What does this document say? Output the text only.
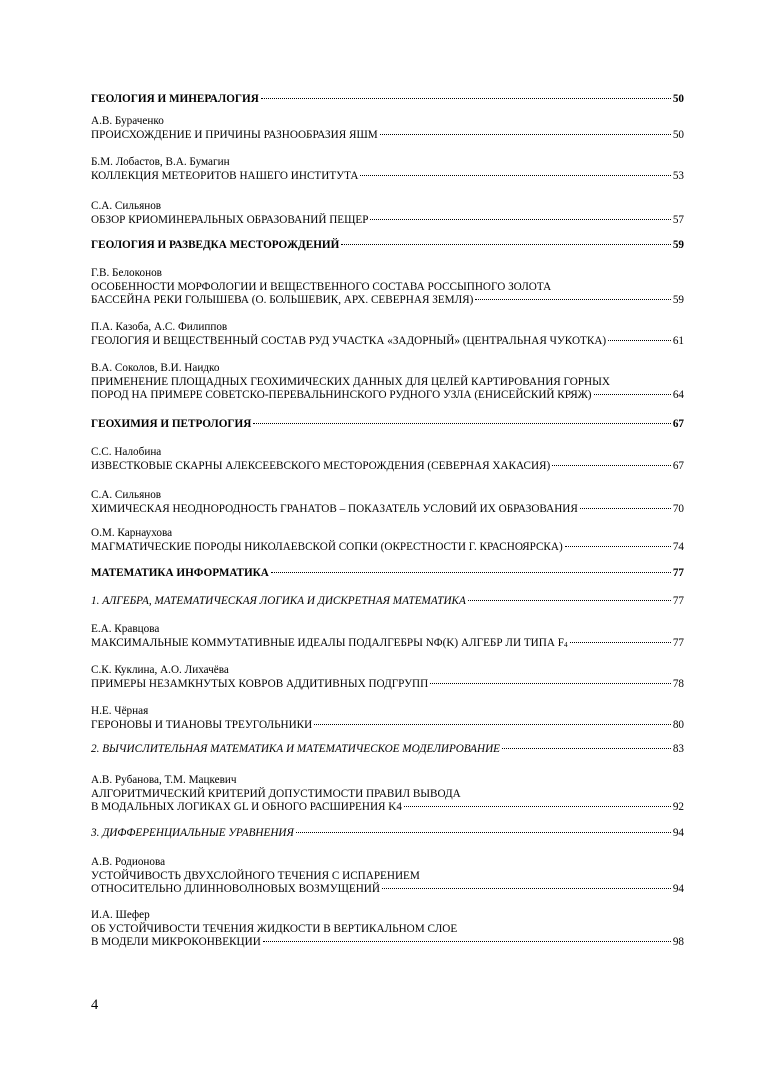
ГЕОЛОГИЯ И МИНЕРАЛОГИЯ	50
А.В. Бураченко
ПРОИСХОЖДЕНИЕ И ПРИЧИНЫ РАЗНООБРАЗИЯ ЯШМ	50
Б.М. Лобастов, В.А. Бумагин
КОЛЛЕКЦИЯ МЕТЕОРИТОВ НАШЕГО ИНСТИТУТА	53
С.А. Сильянов
ОБЗОР КРИОМИНЕРАЛЬНЫХ ОБРАЗОВАНИЙ ПЕЩЕР	57
ГЕОЛОГИЯ И РАЗВЕДКА МЕСТОРОЖДЕНИЙ	59
Г.В. Белоконов
ОСОБЕННОСТИ МОРФОЛОГИИ И ВЕЩЕСТВЕННОГО СОСТАВА РОССЫПНОГО ЗОЛОТА
БАССЕЙНА РЕКИ ГОЛЫШЕВА (О. БОЛЬШЕВИК, АРХ. СЕВЕРНАЯ ЗЕМЛЯ)	59
П.А. Казоба, А.С. Филиппов
ГЕОЛОГИЯ И ВЕЩЕСТВЕННЫЙ СОСТАВ РУД УЧАСТКА «ЗАДОРНЫЙ» (ЦЕНТРАЛЬНАЯ ЧУКОТКА)	61
В.А. Соколов, В.И. Наидко
ПРИМЕНЕНИЕ ПЛОЩАДНЫХ ГЕОХИМИЧЕСКИХ ДАННЫХ ДЛЯ ЦЕЛЕЙ КАРТИРОВАНИЯ ГОРНЫХ
ПОРОД НА ПРИМЕРЕ СОВЕТСКО-ПЕРЕВАЛЬНИНСКОГО РУДНОГО УЗЛА (ЕНИСЕЙСКИЙ КРЯЖ)	64
ГЕОХИМИЯ И ПЕТРОЛОГИЯ	67
С.С. Налобина
ИЗВЕСТКОВЫЕ СКАРНЫ АЛЕКСЕЕВСКОГО МЕСТОРОЖДЕНИЯ (СЕВЕРНАЯ ХАКАСИЯ)	67
С.А. Сильянов
ХИМИЧЕСКАЯ НЕОДНОРОДНОСТЬ ГРАНАТОВ – ПОКАЗАТЕЛЬ УСЛОВИЙ ИХ ОБРАЗОВАНИЯ	70
О.М. Карнаухова
МАГМАТИЧЕСКИЕ ПОРОДЫ НИКОЛАЕВСКОЙ СОПКИ (ОКРЕСТНОСТИ Г. КРАСНОЯРСКА)	74
МАТЕМАТИКА ИНФОРМАТИКА	77
1. АЛГЕБРА, МАТЕМАТИЧЕСКАЯ ЛОГИКА И ДИСКРЕТНАЯ МАТЕМАТИКА	77
Е.А. Кравцова
МАКСИМАЛЬНЫЕ КОММУТАТИВНЫЕ ИДЕАЛЫ ПОДАЛГЕБРЫ NФ(K) АЛГЕБР ЛИ ТИПА $F_4$	77
С.К. Куклина, А.О. Лихачёва
ПРИМЕРЫ НЕЗАМКНУТЫХ КОВРОВ АДДИТИВНЫХ ПОДГРУПП	78
Н.Е. Чёрная
ГЕРОНОВЫ И ТИАНОВЫ ТРЕУГОЛЬНИКИ	80
2. ВЫЧИСЛИТЕЛЬНАЯ МАТЕМАТИКА И МАТЕМАТИЧЕСКОЕ МОДЕЛИРОВАНИЕ	83
А.В. Рубанова, Т.М. Мацкевич
АЛГОРИТМИЧЕСКИЙ КРИТЕРИЙ ДОПУСТИМОСТИ ПРАВИЛ ВЫВОДА
В МОДАЛЬНЫХ ЛОГИКАХ GL И ОБНОГО РАСШИРЕНИЯ K4	92
3. ДИФФЕРЕНЦИАЛЬНЫЕ УРАВНЕНИЯ	94
А.В. Родионова
УСТОЙЧИВОСТЬ ДВУХСЛОЙНОГО ТЕЧЕНИЯ С ИСПАРЕНИЕМ
ОТНОСИТЕЛЬНО ДЛИННОВОЛНОВЫХ ВОЗМУЩЕНИЙ	94
И.А. Шефер
ОБ УСТОЙЧИВОСТИ ТЕЧЕНИЯ ЖИДКОСТИ В ВЕРТИКАЛЬНОМ СЛОЕ
В МОДЕЛИ МИКРОКОНВЕКЦИИ	98
4
